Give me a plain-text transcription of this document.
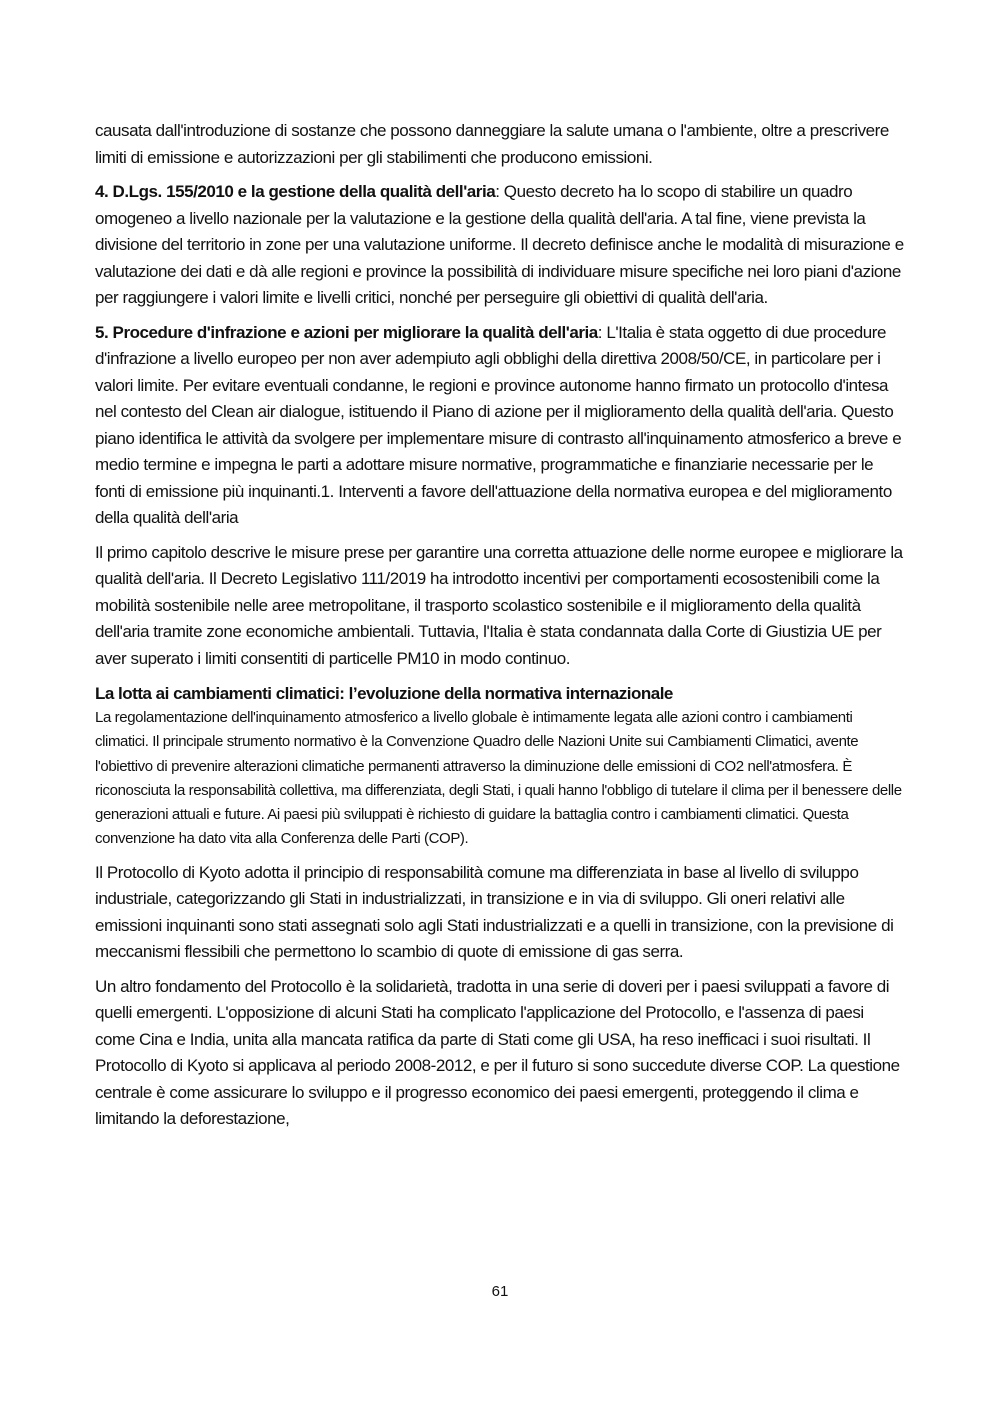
causata dall'introduzione di sostanze che possono danneggiare la salute umana o l'ambiente, oltre a prescrivere limiti di emissione e autorizzazioni per gli stabilimenti che producono emissioni.

4. D.Lgs. 155/2010 e la gestione della qualità dell'aria: Questo decreto ha lo scopo di stabilire un quadro omogeneo a livello nazionale per la valutazione e la gestione della qualità dell'aria. A tal fine, viene prevista la divisione del territorio in zone per una valutazione uniforme. Il decreto definisce anche le modalità di misurazione e valutazione dei dati e dà alle regioni e province la possibilità di individuare misure specifiche nei loro piani d'azione per raggiungere i valori limite e livelli critici, nonché per perseguire gli obiettivi di qualità dell'aria.

5. Procedure d'infrazione e azioni per migliorare la qualità dell'aria: L'Italia è stata oggetto di due procedure d'infrazione a livello europeo per non aver adempiuto agli obblighi della direttiva 2008/50/CE, in particolare per i valori limite. Per evitare eventuali condanne, le regioni e province autonome hanno firmato un protocollo d'intesa nel contesto del Clean air dialogue, istituendo il Piano di azione per il miglioramento della qualità dell'aria. Questo piano identifica le attività da svolgere per implementare misure di contrasto all'inquinamento atmosferico a breve e medio termine e impegna le parti a adottare misure normative, programmatiche e finanziarie necessarie per le fonti di emissione più inquinanti.1. Interventi a favore dell'attuazione della normativa europea e del miglioramento della qualità dell'aria

Il primo capitolo descrive le misure prese per garantire una corretta attuazione delle norme europee e migliorare la qualità dell'aria. Il Decreto Legislativo 111/2019 ha introdotto incentivi per comportamenti ecosostenibili come la mobilità sostenibile nelle aree metropolitane, il trasporto scolastico sostenibile e il miglioramento della qualità dell'aria tramite zone economiche ambientali. Tuttavia, l'Italia è stata condannata dalla Corte di Giustizia UE per aver superato i limiti consentiti di particelle PM10 in modo continuo.

La lotta ai cambiamenti climatici: l’evoluzione della normativa internazionale

La regolamentazione dell'inquinamento atmosferico a livello globale è intimamente legata alle azioni contro i cambiamenti climatici. Il principale strumento normativo è la Convenzione Quadro delle Nazioni Unite sui Cambiamenti Climatici, avente l'obiettivo di prevenire alterazioni climatiche permanenti attraverso la diminuzione delle emissioni di CO2 nell'atmosfera. È riconosciuta la responsabilità collettiva, ma differenziata, degli Stati, i quali hanno l'obbligo di tutelare il clima per il benessere delle generazioni attuali e future. Ai paesi più sviluppati è richiesto di guidare la battaglia contro i cambiamenti climatici. Questa convenzione ha dato vita alla Conferenza delle Parti (COP).

Il Protocollo di Kyoto adotta il principio di responsabilità comune ma differenziata in base al livello di sviluppo industriale, categorizzando gli Stati in industrializzati, in transizione e in via di sviluppo. Gli oneri relativi alle emissioni inquinanti sono stati assegnati solo agli Stati industrializzati e a quelli in transizione, con la previsione di meccanismi flessibili che permettono lo scambio di quote di emissione di gas serra.

Un altro fondamento del Protocollo è la solidarietà, tradotta in una serie di doveri per i paesi sviluppati a favore di quelli emergenti. L'opposizione di alcuni Stati ha complicato l'applicazione del Protocollo, e l'assenza di paesi come Cina e India, unita alla mancata ratifica da parte di Stati come gli USA, ha reso inefficaci i suoi risultati. Il Protocollo di Kyoto si applicava al periodo 2008-2012, e per il futuro si sono succedute diverse COP. La questione centrale è come assicurare lo sviluppo e il progresso economico dei paesi emergenti, proteggendo il clima e limitando la deforestazione,

61
